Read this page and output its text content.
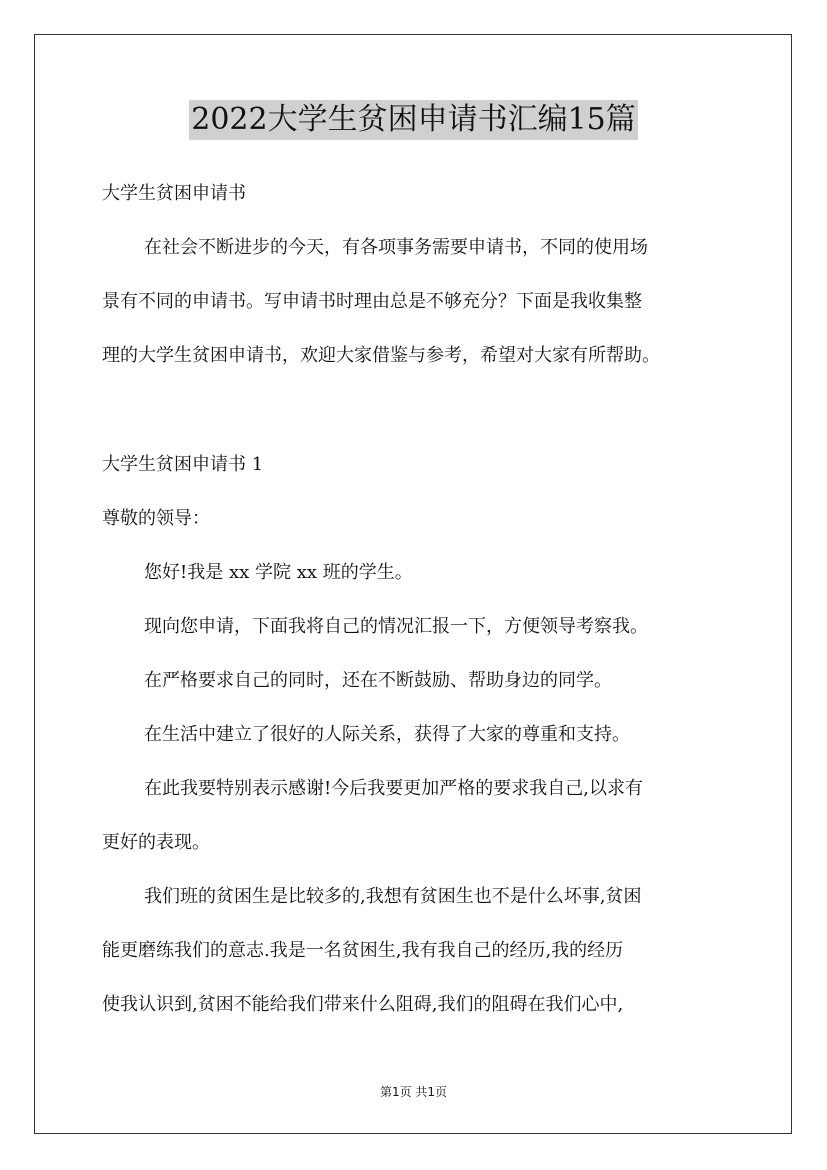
2022大学生贫困申请书汇编15篇
大学生贫困申请书
在社会不断进步的今天，有各项事务需要申请书，不同的使用场
景有不同的申请书。写申请书时理由总是不够充分？下面是我收集整
理的大学生贫困申请书，欢迎大家借鉴与参考，希望对大家有所帮助。
大学生贫困申请书 1
尊敬的领导：
您好!我是 xx 学院 xx 班的学生。
现向您申请，下面我将自己的情况汇报一下，方便领导考察我。
在严格要求自己的同时，还在不断鼓励、帮助身边的同学。
在生活中建立了很好的人际关系，获得了大家的尊重和支持。
在此我要特别表示感谢!今后我要更加严格的要求我自己,以求有
更好的表现。
我们班的贫困生是比较多的,我想有贫困生也不是什么坏事,贫困
能更磨练我们的意志.我是一名贫困生,我有我自己的经历,我的经历
使我认识到,贫困不能给我们带来什么阻碍,我们的阻碍在我们心中,
第1页 共1页
